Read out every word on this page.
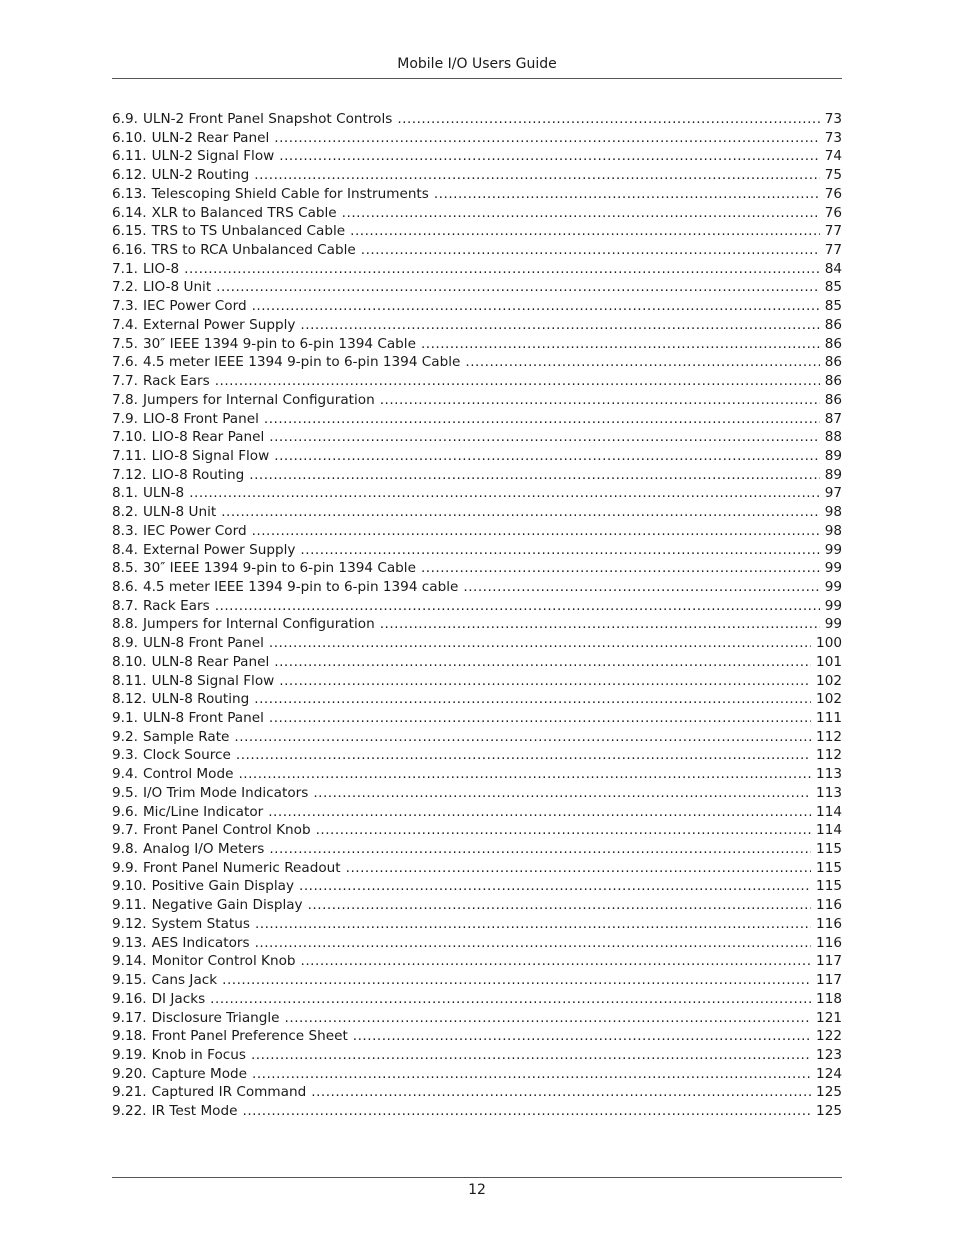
Mobile I/O Users Guide
6.9. ULN-2 Front Panel Snapshot Controls .....	73
6.10. ULN-2 Rear Panel .....	73
6.11. ULN-2 Signal Flow .....	74
6.12. ULN-2 Routing .....	75
6.13. Telescoping Shield Cable for Instruments .....	76
6.14. XLR to Balanced TRS Cable .....	76
6.15. TRS to TS Unbalanced Cable .....	77
6.16. TRS to RCA Unbalanced Cable .....	77
7.1. LIO-8 .....	84
7.2. LIO-8 Unit .....	85
7.3. IEC Power Cord .....	85
7.4. External Power Supply .....	86
7.5. 30″ IEEE 1394 9-pin to 6-pin 1394 Cable .....	86
7.6. 4.5 meter IEEE 1394 9-pin to 6-pin 1394 Cable .....	86
7.7. Rack Ears .....	86
7.8. Jumpers for Internal Configuration .....	86
7.9. LIO-8 Front Panel .....	87
7.10. LIO-8 Rear Panel .....	88
7.11. LIO-8 Signal Flow .....	89
7.12. LIO-8 Routing .....	89
8.1. ULN-8 .....	97
8.2. ULN-8 Unit .....	98
8.3. IEC Power Cord .....	98
8.4. External Power Supply .....	99
8.5. 30″ IEEE 1394 9-pin to 6-pin 1394 Cable .....	99
8.6. 4.5 meter IEEE 1394 9-pin to 6-pin 1394 cable .....	99
8.7. Rack Ears .....	99
8.8. Jumpers for Internal Configuration .....	99
8.9. ULN-8 Front Panel .....	100
8.10. ULN-8 Rear Panel .....	101
8.11. ULN-8 Signal Flow .....	102
8.12. ULN-8 Routing .....	102
9.1. ULN-8 Front Panel .....	111
9.2. Sample Rate .....	112
9.3. Clock Source .....	112
9.4. Control Mode .....	113
9.5. I/O Trim Mode Indicators .....	113
9.6. Mic/Line Indicator .....	114
9.7. Front Panel Control Knob .....	114
9.8. Analog I/O Meters .....	115
9.9. Front Panel Numeric Readout .....	115
9.10. Positive Gain Display .....	115
9.11. Negative Gain Display .....	116
9.12. System Status .....	116
9.13. AES Indicators .....	116
9.14. Monitor Control Knob .....	117
9.15. Cans Jack .....	117
9.16. DI Jacks .....	118
9.17. Disclosure Triangle .....	121
9.18. Front Panel Preference Sheet .....	122
9.19. Knob in Focus .....	123
9.20. Capture Mode .....	124
9.21. Captured IR Command .....	125
9.22. IR Test Mode .....	125
12
